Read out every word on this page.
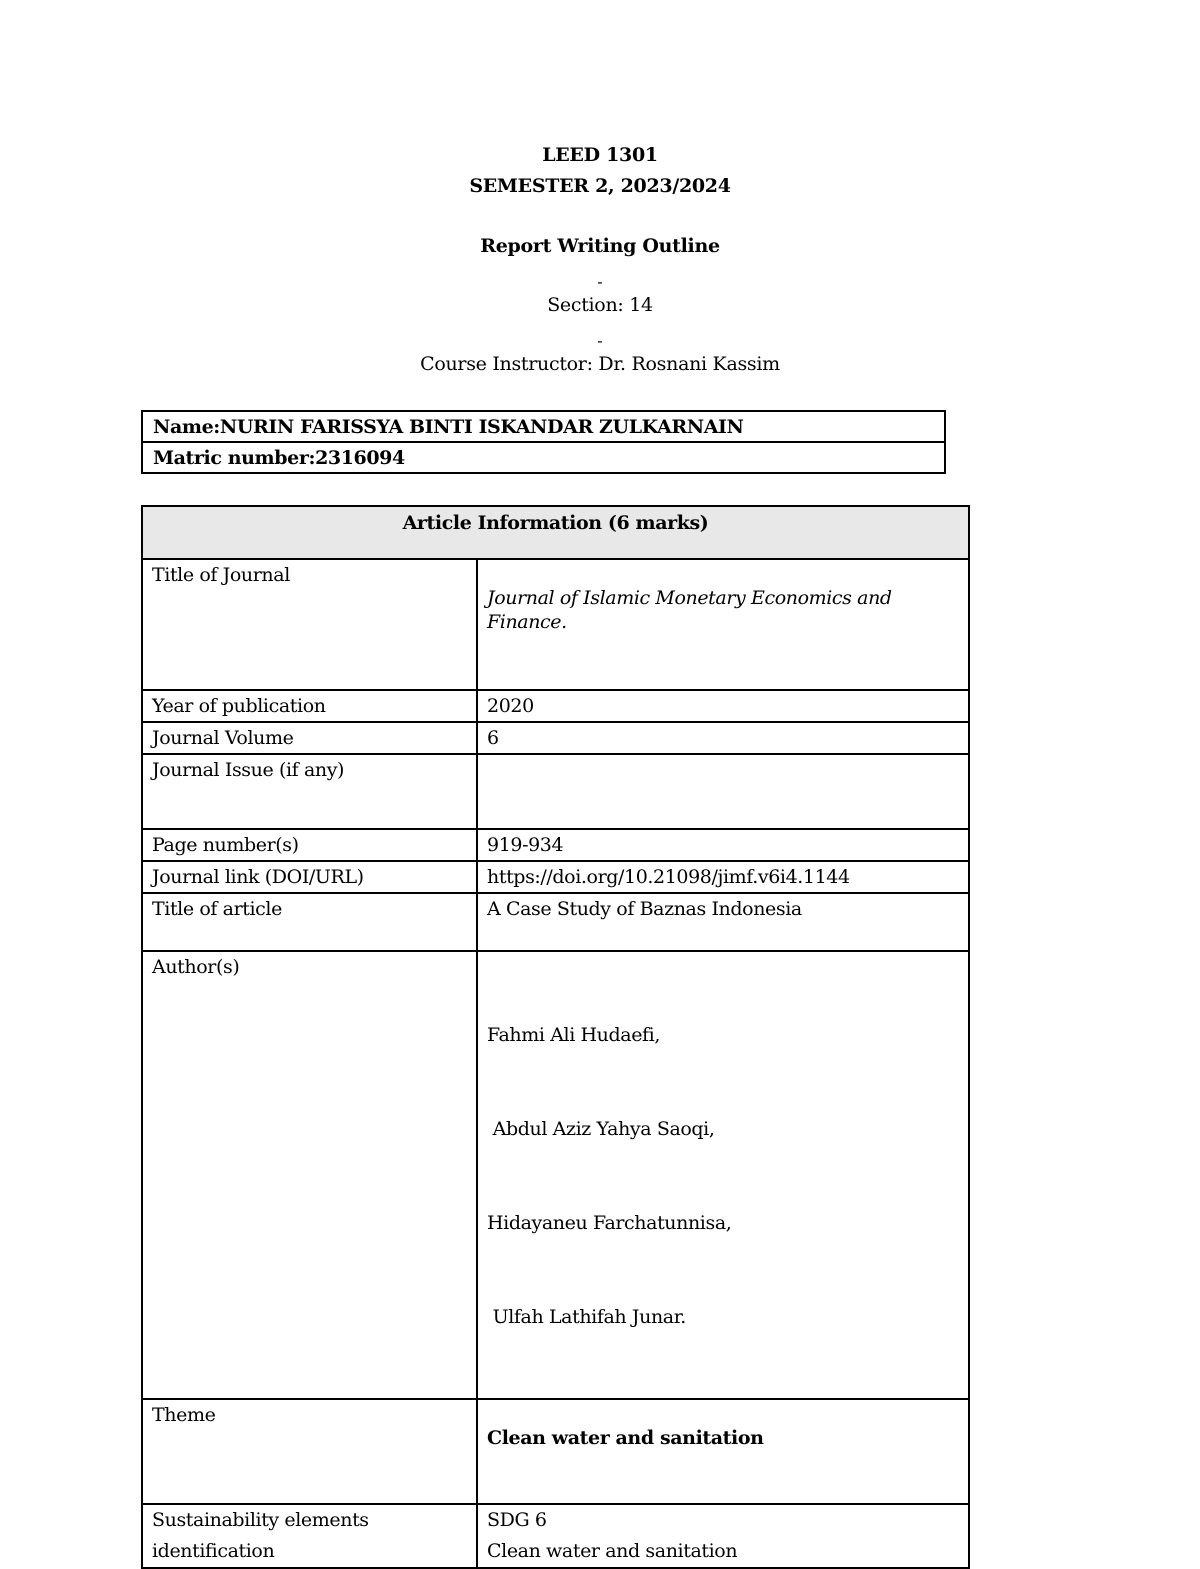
LEED 1301
SEMESTER 2, 2023/2024
Report Writing Outline
-
Section: 14
-
Course Instructor: Dr. Rosnani Kassim
Name:NURIN FARISSYA BINTI ISKANDAR ZULKARNAIN
Matric number:2316094
Article Information (6 marks)	

Title of Journal	Journal of Islamic Monetary Economics and Finance.

Year of publication	2020

Journal Volume	6

Journal Issue (if any)	

Page number(s)	919-934

Journal link (DOI/URL)	https://doi.org/10.21098/jimf.v6i4.1144

Title of article	A Case Study of Baznas Indonesia

Author(s)	Fahmi Ali Hudaefi,

Abdul Aziz Yahya Saoqi,

Hidayaneu Farchatunnisa,

Ulfah Lathifah Junar.

Theme	Clean water and sanitation

Sustainability elements
identification	SDG 6
Clean water and sanitation
